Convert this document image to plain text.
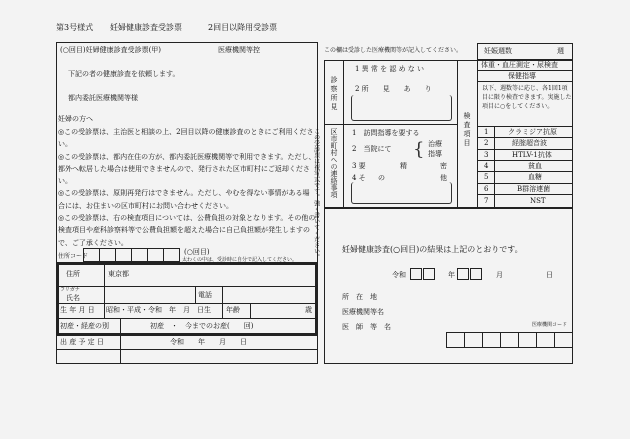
第3号様式 妊婦健康診査受診票	2回目以降用受診票
(○回目)妊婦健康診査受診票(甲)	医療機関等控
下記の者の健康診査を依頼します。
都内委託医療機関等様
妊婦の方へ
◎この受診票は、主治医と相談の上、2回目以降の健康診査のときにご利用ください。
◎この受診票は、都内在住の方が、都内委託医療機関等で利用できます。ただし、都外へ転居した場合は使用できませんので、発行された区市町村にご返却ください。
◎この受診票は、原則再発行はできません。ただし、やむを得ない事情がある場合には、お住まいの区市町村にお問い合わせください。
◎この受診票は、右の検査項目については、公費負担の対象となります。その他の検査項目や産科診察料等で公費負担額を超えた場合に自己負担額が発生しますので、ご了承ください。
住所コード
(○回目)
太わくの中は、受診時に自分で記入してください。
住所	東京都
フリガナ
氏名	電話
生 年 月 日 昭和・平成・令和　年　月　日生 年齢	歳
初産・経産の別	初産　・　今までのお産(　　回)
出 産 予 定 日	令和　　年　　月　　日
この受診票は複写式です。強く書いてください。
この欄は受診した医療機関等が記入してください。	妊娠週数	週
診察所見
1 異 常 を 認 め な い
2 所　　見　　あ　　り
区市町村への連絡事項 1　訪問指導を要する
2　当院にて
治療
指導
{
3 要	精	密
4 そ の	他
検査項目
体重・血圧測定・尿検査
保健指導
以下、週数等に応じ、各1回1項目に限り検査できます。実施した項目に○をしてください。
1	クラミジア抗原
2	経腟超音波
3	HTLV-1抗体
4	貧血
5	血糖
6	B群溶連菌
7	NST
妊婦健康診査(○回目)の結果は上記のとおりです。
令和	年	月	日
所　在　地
医療機関等名
医　師　等　名	医療機関コード
